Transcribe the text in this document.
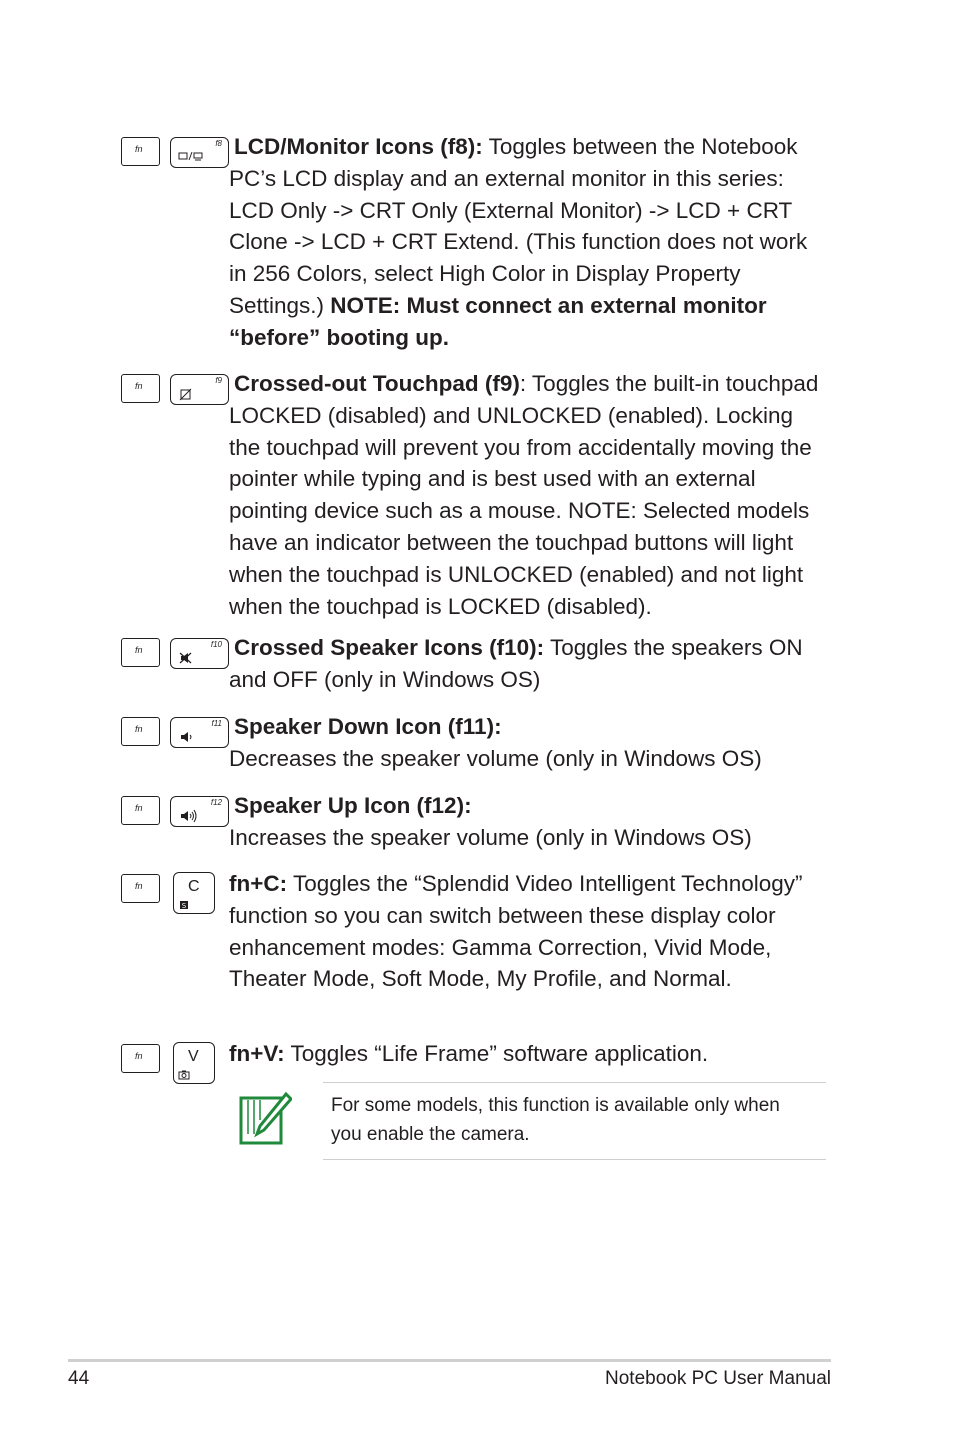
fn
f8 LCD/Monitor Icons (f8): Toggles between the Notebook PC’s LCD display and an external monitor in this series: LCD Only -> CRT Only (External Monitor) -> LCD + CRT Clone -> LCD + CRT Extend. (This function does not work in 256 Colors, select High Color in Display Property Settings.) NOTE: Must connect an external monitor “before” booting up.
fn
f9 Crossed-out Touchpad (f9): Toggles the built-in touchpad LOCKED (disabled) and UNLOCKED (enabled). Locking the touchpad will prevent you from accidentally moving the pointer while typing and is best used with an external pointing device such as a mouse. NOTE: Selected models have an indicator between the touchpad buttons will light when the touchpad is UNLOCKED (enabled) and not light when the touchpad is LOCKED (disabled).
fn
f10 Crossed Speaker Icons (f10): Toggles the speakers ON and OFF (only in Windows OS)
fn
f11 Speaker Down Icon (f11):
Decreases the speaker volume (only in Windows OS)
fn
f12 Speaker Up Icon (f12):
Increases the speaker volume (only in Windows OS)
fn	C
S
fn+C: Toggles the “Splendid Video Intelligent Technology” function so you can switch between these display color enhancement modes: Gamma Correction, Vivid Mode, Theater Mode, Soft Mode, My Profile, and Normal.
fn	V fn+V: Toggles “Life Frame” software application.
For some models, this function is available only when you enable the camera.
44	Notebook PC User Manual
